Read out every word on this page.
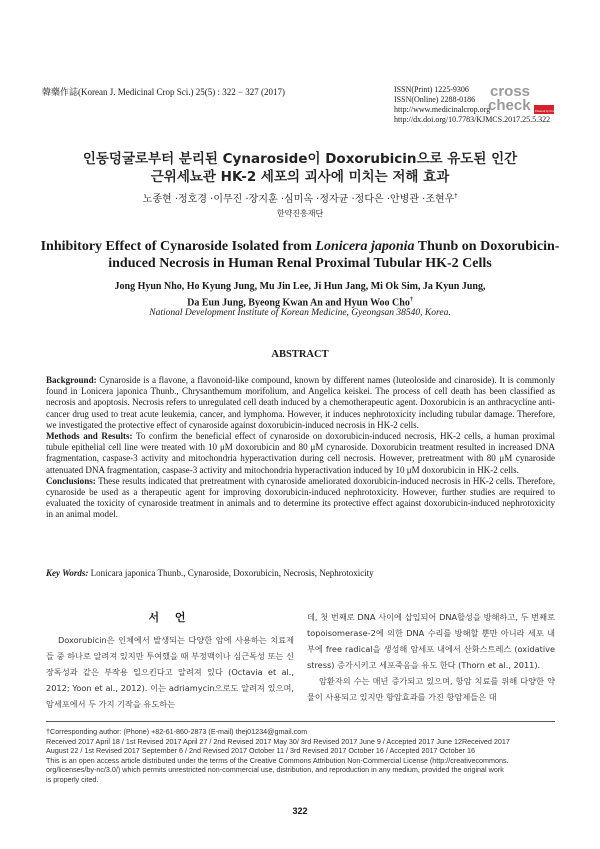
韓藥作誌(Korean J. Medicinal Crop Sci.) 25(5) : 322 − 327 (2017)	ISSN(Print) 1225-9306
ISSN(Online) 2288-0186
http://www.medicinalcrop.org
http://dx.doi.org/10.7783/KJMCS.2017.25.5.322
cross
check Powered by Crossref
인동덩굴로부터 분리된 Cynaroside이 Doxorubicin으로 유도된 인간
근위세뇨관 HK-2 세포의 괴사에 미치는 저해 효과
노종현 ·정호경 ·이무진 ·장지훈 ·심미옥 ·정자균 ·정다은 ·안병관 ·조현우†
한약진흥재단
Inhibitory Effect of Cynaroside Isolated from Lonicera japonia Thunb on Doxorubicin-induced Necrosis in Human Renal Proximal Tubular HK-2 Cells
Jong Hyun Nho, Ho Kyung Jung, Mu Jin Lee, Ji Hun Jang, Mi Ok Sim, Ja Kyun Jung,
Da Eun Jung, Byeong Kwan An and Hyun Woo Cho†
National Development Institute of Korean Medicine, Gyeongsan 38540, Korea.
ABSTRACT

Background: Cynaroside is a flavone, a flavonoid-like compound, known by different names (luteoloside and cinaroside). It is commonly found in Lonicera japonica Thunb., Chrysanthemum morifolium, and Angelica keiskei. The process of cell death has been classified as necrosis and apoptosis. Necrosis refers to unregulated cell death induced by a chemotherapeutic agent. Doxorubicin is an anthracycline anti-cancer drug used to treat acute leukemia, cancer, and lymphoma. However, it induces nephrotoxicity including tubular damage. Therefore, we investigated the protective effect of cynaroside against doxorubicin-induced necrosis in HK-2 cells.

Methods and Results: To confirm the beneficial effect of cynaroside on doxorubicin-induced necrosis, HK-2 cells, a human proximal tubule epithelial cell line were treated with 10 μM doxorubicin and 80 μM cynaroside. Doxorubicin treatment resulted in increased DNA fragmentation, caspase-3 activity and mitochondria hyperactivation during cell necrosis. However, pretreatment with 80 μM cynaroside attenuated DNA fragmentation, caspase-3 activity and mitochondria hyperactivation induced by 10 μM doxorubicin in HK-2 cells.

Conclusions: These results indicated that pretreatment with cynaroside ameliorated doxorubicin-induced necrosis in HK-2 cells. Therefore, cynaroside be used as a therapeutic agent for improving doxorubicin-induced nephrotoxicity. However, further studies are required to evaluated the toxicity of cynaroside treatment in animals and to determine its protective effect against doxorubicin-induced nephrotoxicity in an animal model.

Key Words: Lonicara japonica Thunb., Cynaroside, Doxorubicin, Necrosis, Nephrotoxicity
서 언
Doxorubicin은 인체에서 발생되는 다양한 암에 사용하는 치료제들 중 하나로 알려져 있지만 투여했을 때 부정맥이나 심근독성 또는 신장독성과 같은 부작용 일으킨다고 알려져 있다 (Octavia et al., 2012; Yoon et al., 2012). 이는 adriamycin으로도 알려져 있으며, 암세포에서 두 가지 기작을 유도하는
데, 첫 번째로 DNA 사이에 삽입되어 DNA합성을 방해하고, 두 번째로 topoisomerase-2에 의한 DNA 수리를 방해할 뿐만 아니라 세포 내부에 free radical을 생성해 암세포 내에서 산화스트레스 (oxidative stress) 증가시키고 세포죽음을 유도 한다 (Thorn et al., 2011).
암환자의 수는 매년 증가되고 있으며, 항암 치료를 위해 다양한 약물이 사용되고 있지만 항암효과를 가진 항암제들은 대
†Corresponding author: (Phone) +82-61-860-2873 (E-mail) thej01234@gmail.com
Received 2017 April 18 / 1st Revised 2017 April 27 / 2nd Revised 2017 May 30/ 3rd Revised 2017 June 9 / Accepted 2017 June 12Received 2017
August 22 / 1st Revised 2017 September 6 / 2nd Revised 2017 October 11 / 3rd Revised 2017 October 16 / Accepted 2017 October 16
This is an open access article distributed under the terms of the Creative Commons Attribution Non-Commercial License (http://creativecommons.
org/licenses/by-nc/3.0/) which permits unrestricted non-commercial use, distribution, and reproduction in any medium, provided the original work
is properly cited.
322
